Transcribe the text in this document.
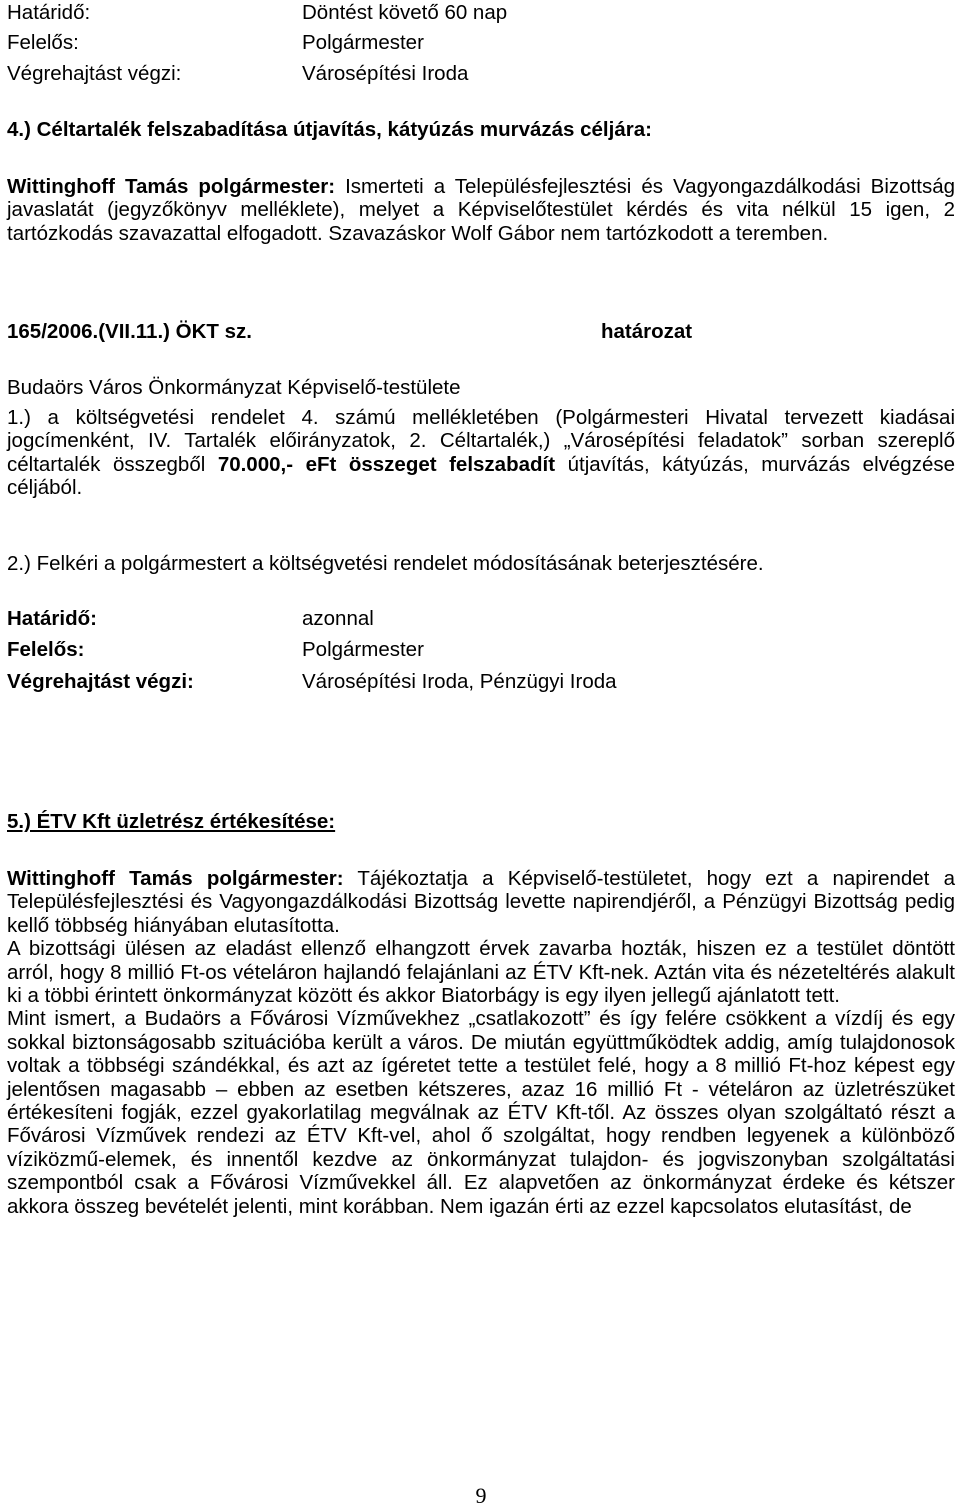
Határidő:	Döntést követő 60 nap
Felelős:	Polgármester
Végrehajtást végzi:	Városépítési Iroda
4.) Céltartalék felszabadítása útjavítás, kátyúzás murvázás céljára:

Wittinghoff Tamás polgármester: Ismerteti a Településfejlesztési és Vagyongazdálkodási Bizottság javaslatát (jegyzőkönyv melléklete), melyet a Képviselőtestület kérdés és vita nélkül 15 igen, 2 tartózkodás szavazattal elfogadott. Szavazáskor Wolf Gábor nem tartózkodott a teremben.

165/2006.(VII.11.) ÖKT sz.	határozat
Budaörs Város Önkormányzat Képviselő-testülete

1.) a költségvetési rendelet 4. számú mellékletében (Polgármesteri Hivatal tervezett kiadásai jogcímenként, IV. Tartalék előirányzatok, 2. Céltartalék,) „Városépítési feladatok” sorban szereplő céltartalék összegből 70.000,- eFt összeget felszabadít útjavítás, kátyúzás, murvázás elvégzése céljából.

2.) Felkéri a polgármestert a költségvetési rendelet módosításának beterjesztésére.
Határidő:	azonnal
Felelős:	Polgármester
Végrehajtást végzi:	Városépítési Iroda, Pénzügyi Iroda
5.) ÉTV Kft üzletrész értékesítése:

Wittinghoff Tamás polgármester: Tájékoztatja a Képviselő-testületet, hogy ezt a napirendet a Településfejlesztési és Vagyongazdálkodási Bizottság levette napirendjéről, a Pénzügyi Bizottság pedig kellő többség hiányában elutasította.

A bizottsági ülésen az eladást ellenző elhangzott érvek zavarba hozták, hiszen ez a testület döntött arról, hogy 8 millió Ft-os vételáron hajlandó felajánlani az ÉTV Kft-nek. Aztán vita és nézeteltérés alakult ki a többi érintett önkormányzat között és akkor Biatorbágy is egy ilyen jellegű ajánlatott tett.

Mint ismert, a Budaörs a Fővárosi Vízművekhez „csatlakozott” és így felére csökkent a vízdíj és egy sokkal biztonságosabb szituációba került a város. De miután együttműködtek addig, amíg tulajdonosok voltak a többségi szándékkal, és azt az ígéretet tette a testület felé, hogy a 8 millió Ft-hoz képest egy jelentősen magasabb – ebben az esetben kétszeres, azaz 16 millió Ft - vételáron az üzletrészüket értékesíteni fogják, ezzel gyakorlatilag megválnak az ÉTV Kft-től. Az összes olyan szolgáltató részt a Fővárosi Vízművek rendezi az ÉTV Kft-vel, ahol ő szolgáltat, hogy rendben legyenek a különböző víziközmű-elemek, és innentől kezdve az önkormányzat tulajdon- és jogviszonyban szolgáltatási szempontból csak a Fővárosi Vízművekkel áll. Ez alapvetően az önkormányzat érdeke és kétszer akkora összeg bevételét jelenti, mint korábban. Nem igazán érti az ezzel kapcsolatos elutasítást, de

9
